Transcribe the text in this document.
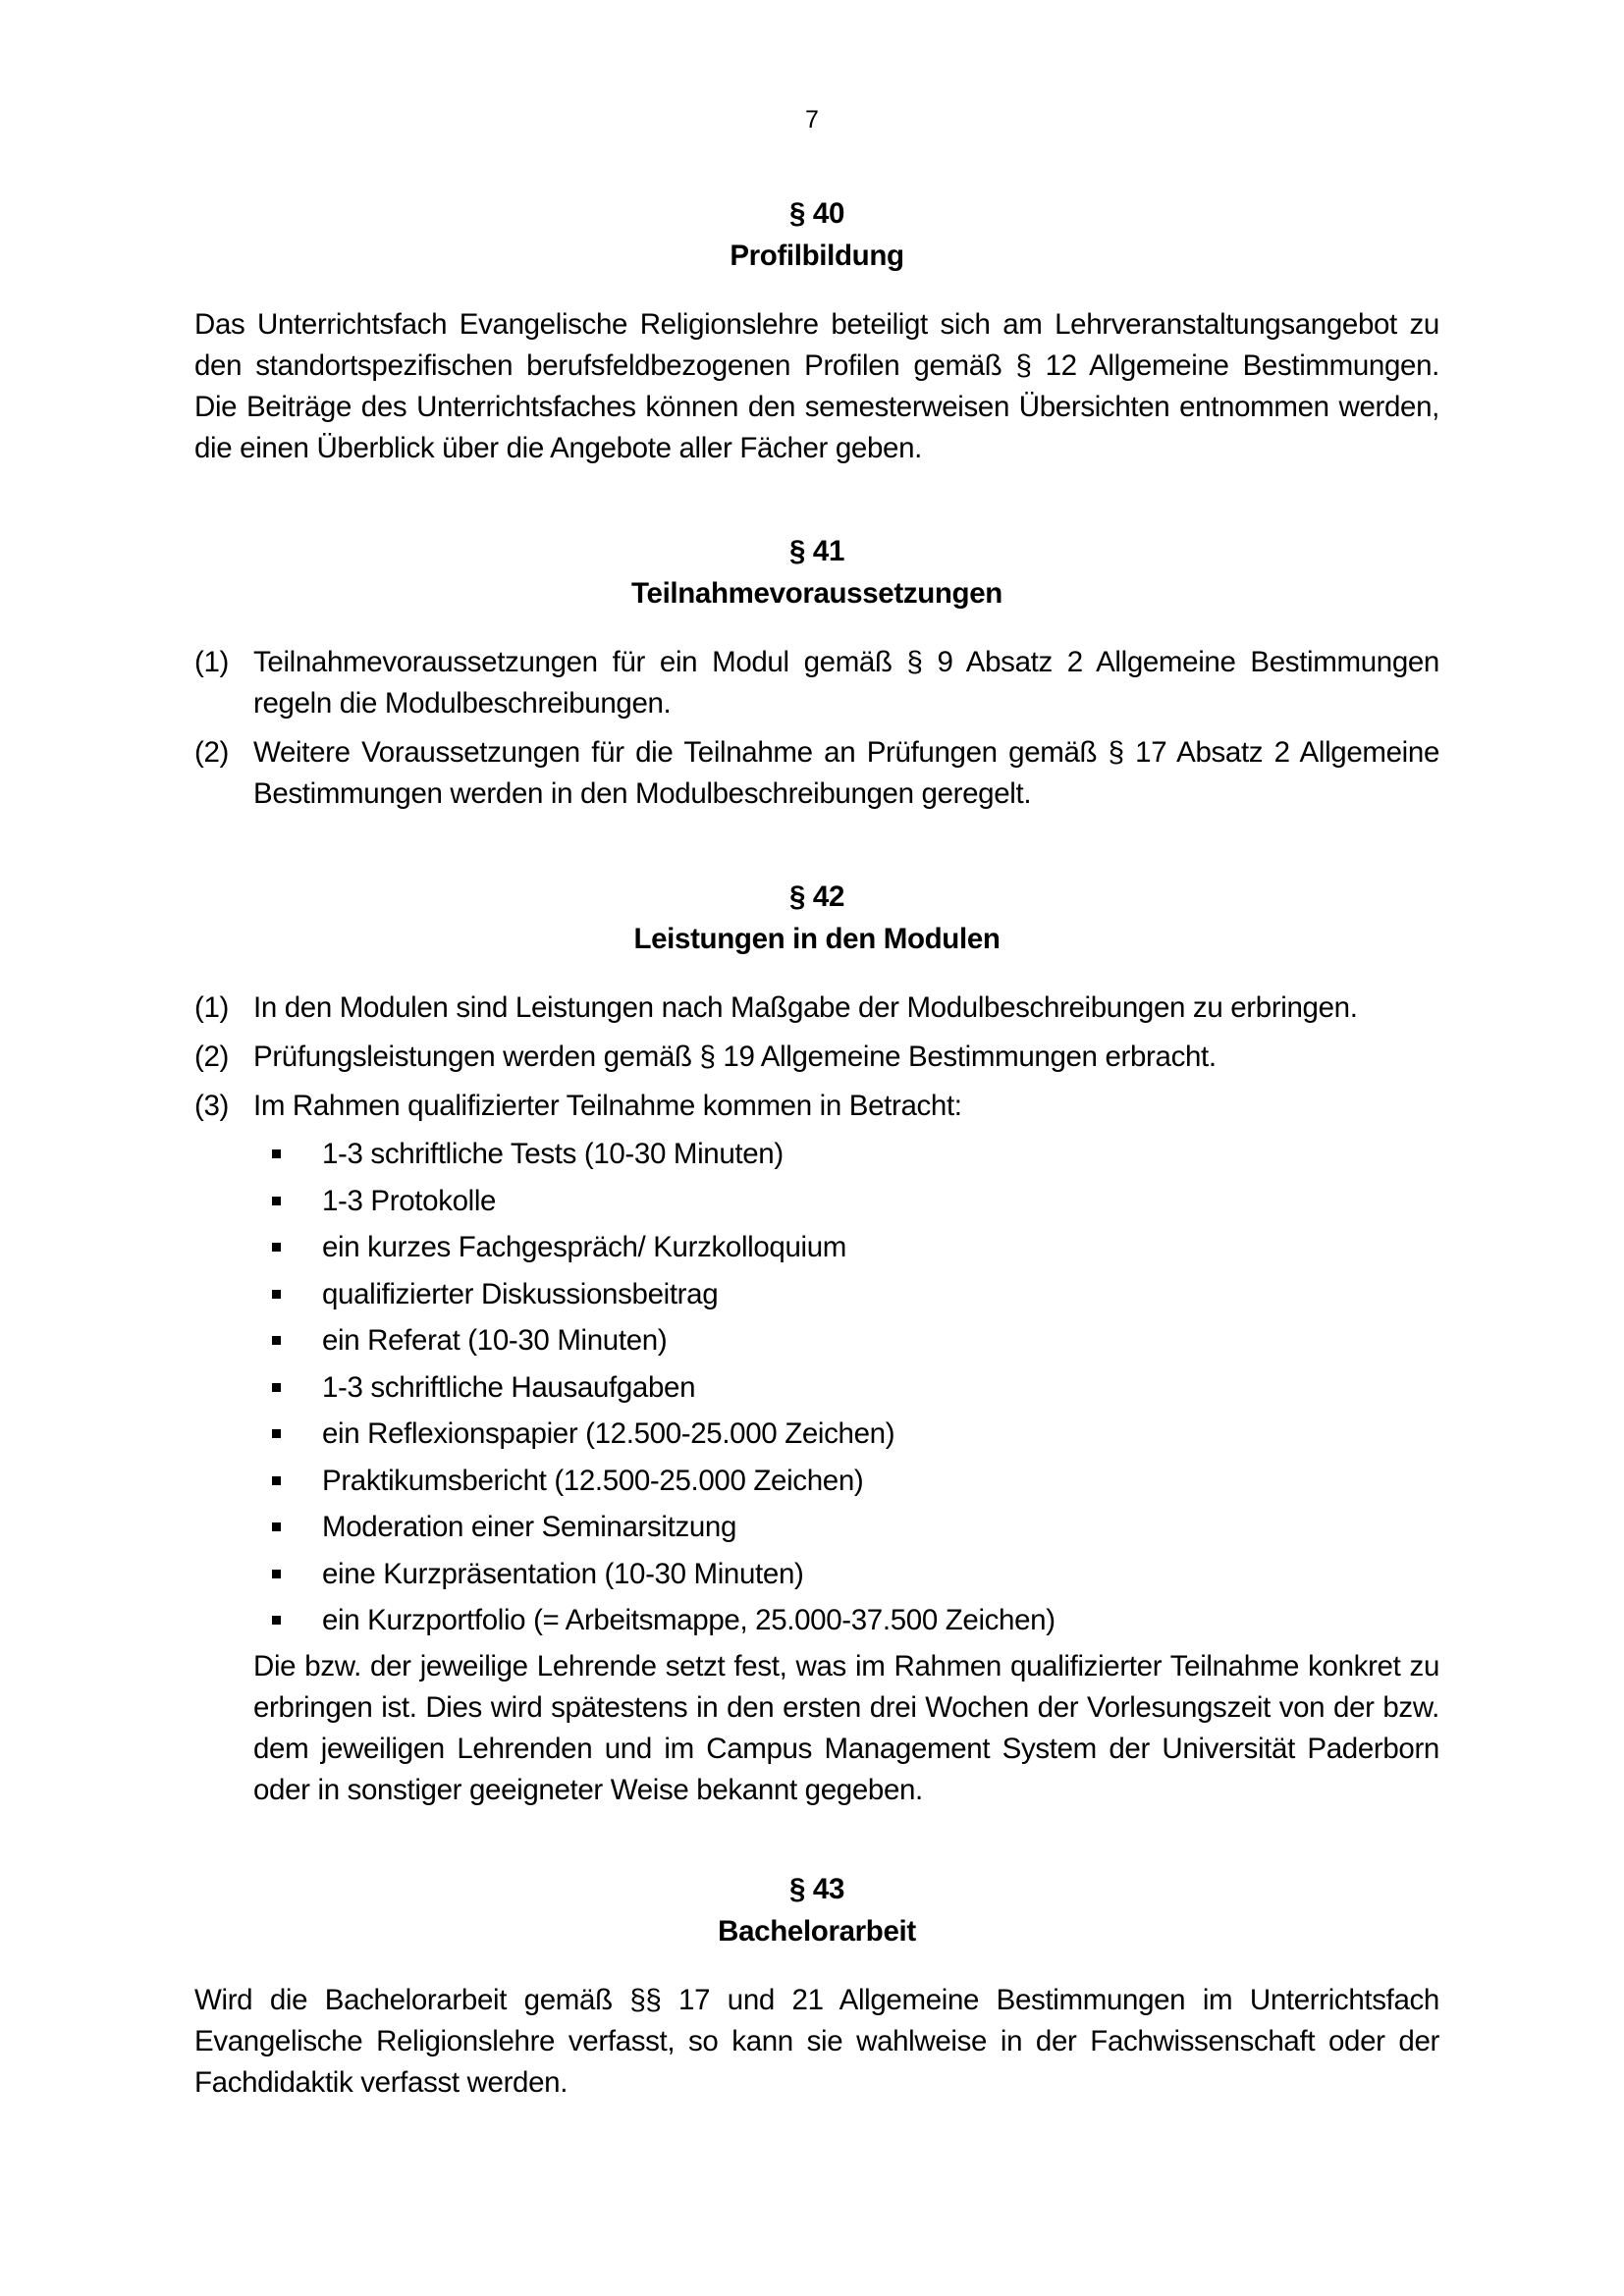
7
§ 40
Profilbildung

Das Unterrichtsfach Evangelische Religionslehre beteiligt sich am Lehrveranstaltungsangebot zu den standortspezifischen berufsfeldbezogenen Profilen gemäß § 12 Allgemeine Bestimmungen. Die Beiträge des Unterrichtsfaches können den semesterweisen Übersichten entnommen werden, die einen Überblick über die Angebote aller Fächer geben.

§ 41
Teilnahmevoraussetzungen
(1) Teilnahmevoraussetzungen für ein Modul gemäß § 9 Absatz 2 Allgemeine Bestimmungen regeln die Modulbeschreibungen.
(2) Weitere Voraussetzungen für die Teilnahme an Prüfungen gemäß § 17 Absatz 2 Allgemeine Bestimmungen werden in den Modulbeschreibungen geregelt.
§ 42
Leistungen in den Modulen
(1) In den Modulen sind Leistungen nach Maßgabe der Modulbeschreibungen zu erbringen.
(2) Prüfungsleistungen werden gemäß § 19 Allgemeine Bestimmungen erbracht.
(3) Im Rahmen qualifizierter Teilnahme kommen in Betracht:
1-3 schriftliche Tests (10-30 Minuten)
1-3 Protokolle
ein kurzes Fachgespräch/ Kurzkolloquium
qualifizierter Diskussionsbeitrag
ein Referat (10-30 Minuten)
1-3 schriftliche Hausaufgaben
ein Reflexionspapier (12.500-25.000 Zeichen)
Praktikumsbericht (12.500-25.000 Zeichen)
Moderation einer Seminarsitzung
eine Kurzpräsentation (10-30 Minuten)
ein Kurzportfolio (= Arbeitsmappe, 25.000-37.500 Zeichen)
Die bzw. der jeweilige Lehrende setzt fest, was im Rahmen qualifizierter Teilnahme konkret zu erbringen ist. Dies wird spätestens in den ersten drei Wochen der Vorlesungszeit von der bzw. dem jeweiligen Lehrenden und im Campus Management System der Universität Paderborn oder in sonstiger geeigneter Weise bekannt gegeben.
§ 43
Bachelorarbeit

Wird die Bachelorarbeit gemäß §§ 17 und 21 Allgemeine Bestimmungen im Unterrichtsfach Evangelische Religionslehre verfasst, so kann sie wahlweise in der Fachwissenschaft oder der Fachdidaktik verfasst werden.
